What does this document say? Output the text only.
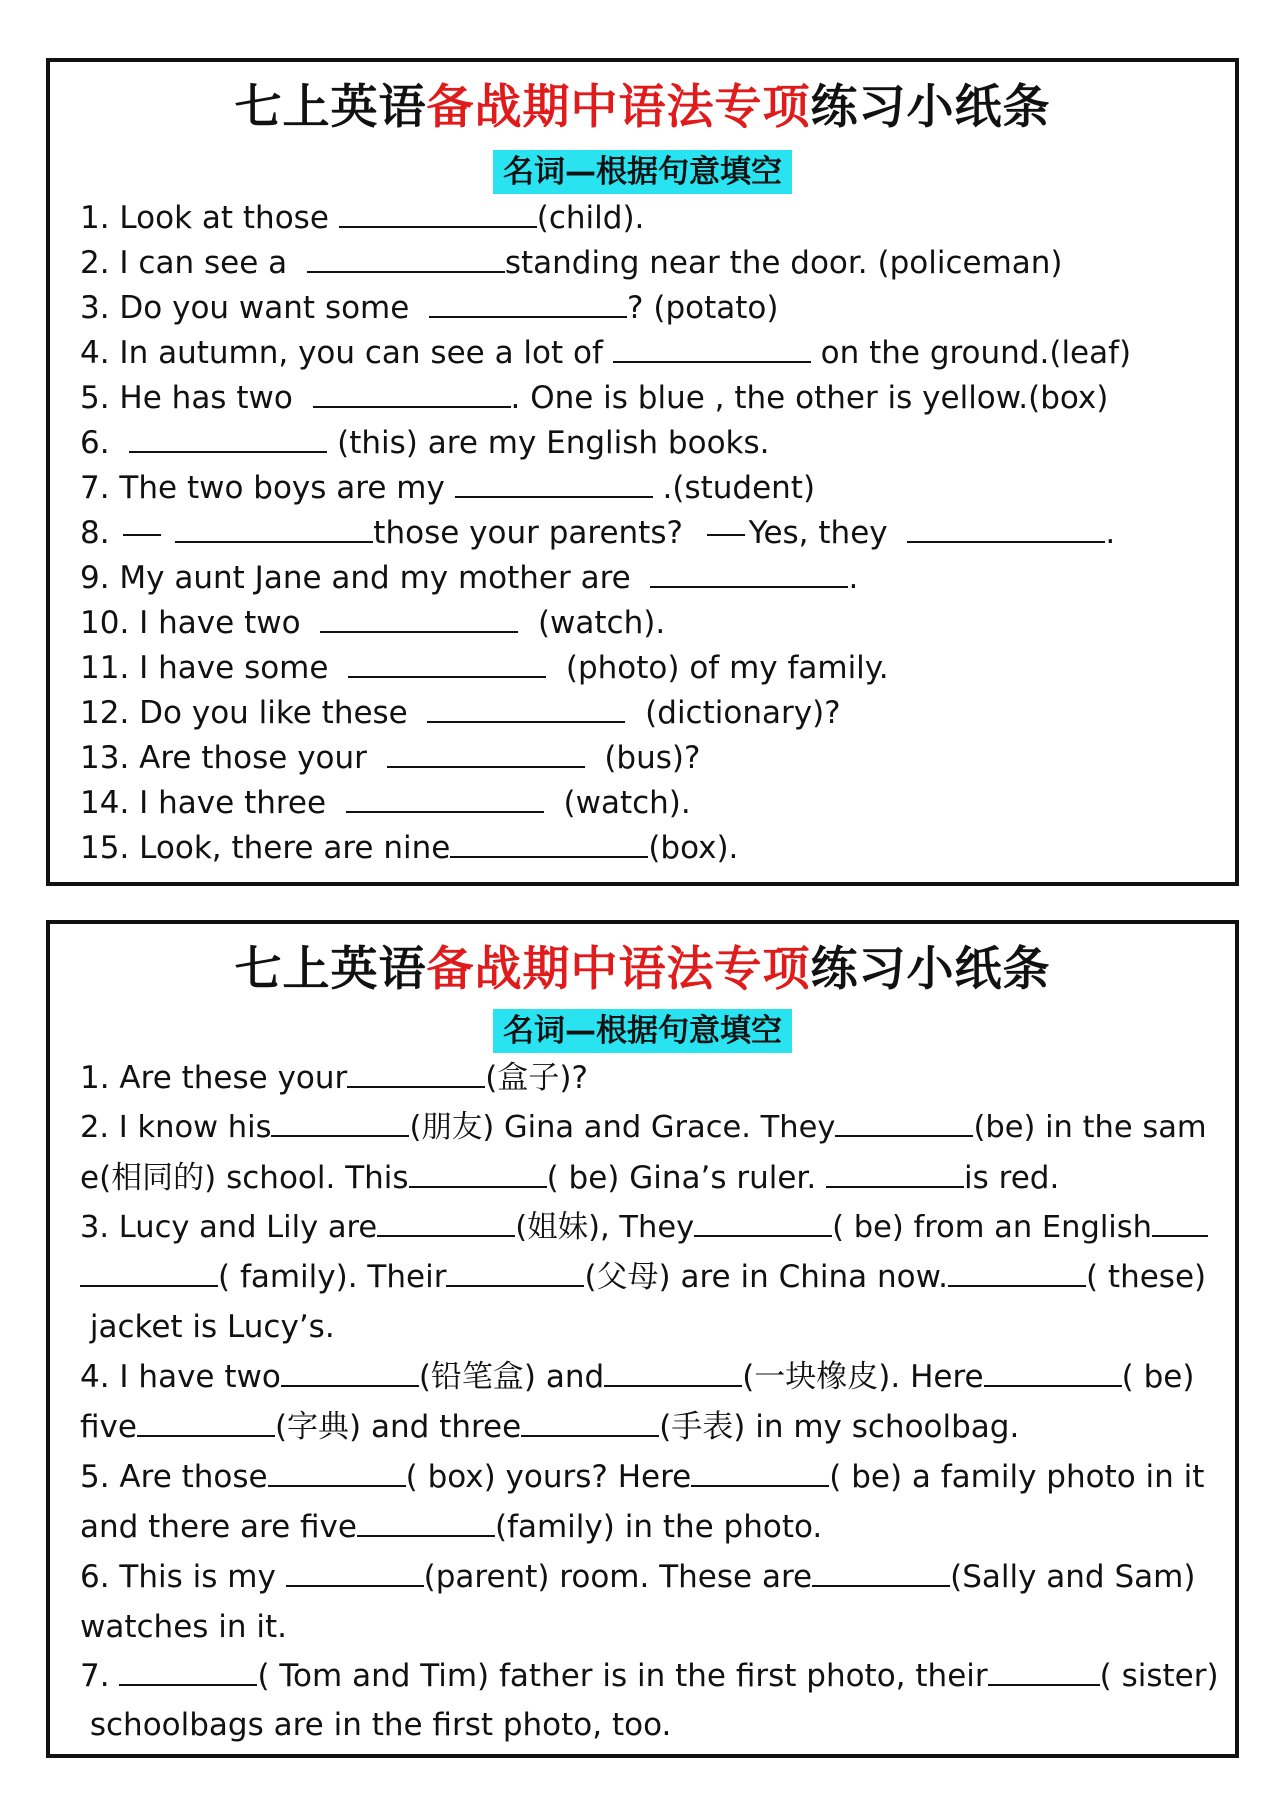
七上英语备战期中语法专项练习小纸条
名词—根据句意填空
1. Look at those	(child).
2. I can see a	standing near the door. (policeman)
3. Do you want some	? (potato)
4. In autumn, you can see a lot of	on the ground.(leaf)
5. He has two	. One is blue , the other is yellow.(box)
6.	(this) are my English books.
7. The two boys are my	.(student)
8.	those your parents?  Yes, they	.
9. My aunt Jane and my mother are	.
10. I have two	(watch).
11. I have some	(photo) of my family.
12. Do you like these	(dictionary)?
13. Are those your	(bus)?
14. I have three	(watch).
15. Look, there are nine	(box).
七上英语备战期中语法专项练习小纸条
名词—根据句意填空
1. Are these your	(盒子)?
2. I know his	(朋友) Gina and Grace. They	(be) in the sam
e(相同的) school. This	( be) Gina’s ruler.	is red.
3. Lucy and Lily are	(姐妹), They	( be) from an English
( family). Their	(父母) are in China now.	( these)
jacket is Lucy’s.
4. I have two	(铅笔盒) and	(一块橡皮). Here	( be)
five	(字典) and three	(手表) in my schoolbag.
5. Are those	( box) yours? Here	( be) a family photo in it
and there are five	(family) in the photo.
6. This is my	(parent) room. These are	(Sally and Sam)
watches in it.
7.	( Tom and Tim) father is in the first photo, their	( sister)
schoolbags are in the first photo, too.
